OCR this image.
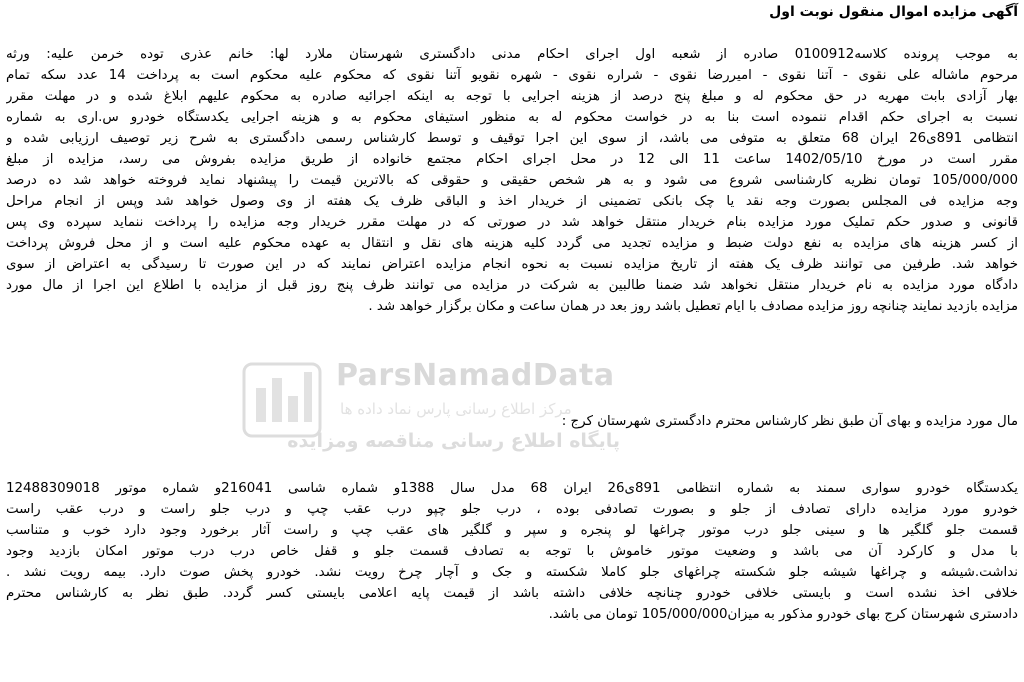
ParsNamadData
مرکز اطلاع رسانی پارس نماد داده ها
پایگاه اطلاع رسانی مناقصه ومزایده
آگهی مزایده اموال منقول نوبت اول
به موجب پرونده کلاسه0100912 صادره از شعبه اول اجرای احکام مدنی دادگستری شهرستان ملارد لها: خانم عذری توده خرمن علیه: ورثه
مرحوم ماشاله علی نقوی - آتنا نقوی - امیررضا نقوی - شراره نقوی - شهره نقویو آتنا نقوی که محکوم علیه محکوم است به پرداخت 14 عدد سکه تمام
بهار آزادی بابت مهریه در حق محکوم له و مبلغ پنج درصد از هزینه اجرایی با توجه به اینکه اجرائیه صادره به محکوم علیهم ابلاغ شده و در مهلت مقرر
نسبت به اجرای حکم اقدام ننموده است بنا به در خواست محکوم له به منظور استیفای محکوم به و هزینه اجرایی یکدستگاه خودرو س.اری به شماره
انتظامی 891ی26 ایران 68 متعلق به متوفی می باشد، از سوی این اجرا توقیف و توسط کارشناس رسمی دادگستری به شرح زیر توصیف ارزیابی شده و
مقرر است در مورخ 1402/05/10 ساعت 11 الی 12 در محل اجرای احکام مجتمع خانواده از طریق مزایده بفروش می رسد، مزایده از مبلغ
105/000/000 تومان نظریه کارشناسی شروع می شود و به هر شخص حقیقی و حقوقی که بالاترین قیمت را پیشنهاد نماید فروخته خواهد شد ده درصد
وجه مزایده فی المجلس بصورت وجه نقد یا چک بانکی تضمینی از خریدار اخذ و الباقی ظرف یک هفته از وی وصول خواهد شد وپس از انجام مراحل
قانونی و صدور حکم تملیک مورد مزایده بنام خریدار منتقل خواهد شد در صورتی که در مهلت مقرر خریدار وجه مزایده را پرداخت ننماید سپرده وی پس
از کسر هزینه های مزایده به نفع دولت ضبط و مزایده تجدید می گردد کلیه هزینه های نقل و انتقال به عهده محکوم علیه است و از محل فروش پرداخت
خواهد شد. طرفین می توانند ظرف یک هفته از تاریخ مزایده نسبت به نحوه انجام مزایده اعتراض نمایند که در این صورت تا رسیدگی به اعتراض از سوی
دادگاه مورد مزایده به نام خریدار منتقل نخواهد شد ضمنا طالبین به شرکت در مزایده می توانند ظرف پنج روز قبل از مزایده با اطلاع این اجرا از مال مورد
مزایده بازدید نمایند چنانچه روز مزایده مصادف با ایام تعطیل باشد روز بعد در همان ساعت و مکان برگزار خواهد شد .
مال مورد مزایده و بهای آن طبق نظر کارشناس محترم دادگستری شهرستان کرج :
یکدستگاه خودرو سواری سمند به شماره انتظامی 891ی26 ایران 68 مدل سال 1388و شماره شاسی 216041و شماره موتور 12488309018
خودرو مورد مزایده دارای تصادف از جلو و بصورت تصادفی بوده ، درب جلو چپو درب عقب چپ و درب جلو راست و درب عقب راست
قسمت جلو گلگیر ها و سینی جلو درب موتور چراغها لو پنجره و سپر و گلگیر های عقب چپ و راست آثار برخورد وجود دارد خوب و متناسب
با مدل و کارکرد آن می باشد و وضعیت موتور خاموش با توجه به تصادف قسمت جلو و قفل خاص درب درب موتور امکان بازدید وجود
نداشت.شیشه و چراغها شیشه جلو شکسته چراغهای جلو کاملا شکسته و جک و آچار چرخ رویت نشد. خودرو پخش صوت دارد. بیمه رویت نشد .
خلافی اخذ نشده است و بایستی خلافی خودرو چنانچه خلافی داشته باشد از قیمت پایه اعلامی بایستی کسر گردد. طبق نظر به کارشناس محترم
دادستری شهرستان کرج بهای خودرو مذکور به میزان105/000/000 تومان می باشد.
